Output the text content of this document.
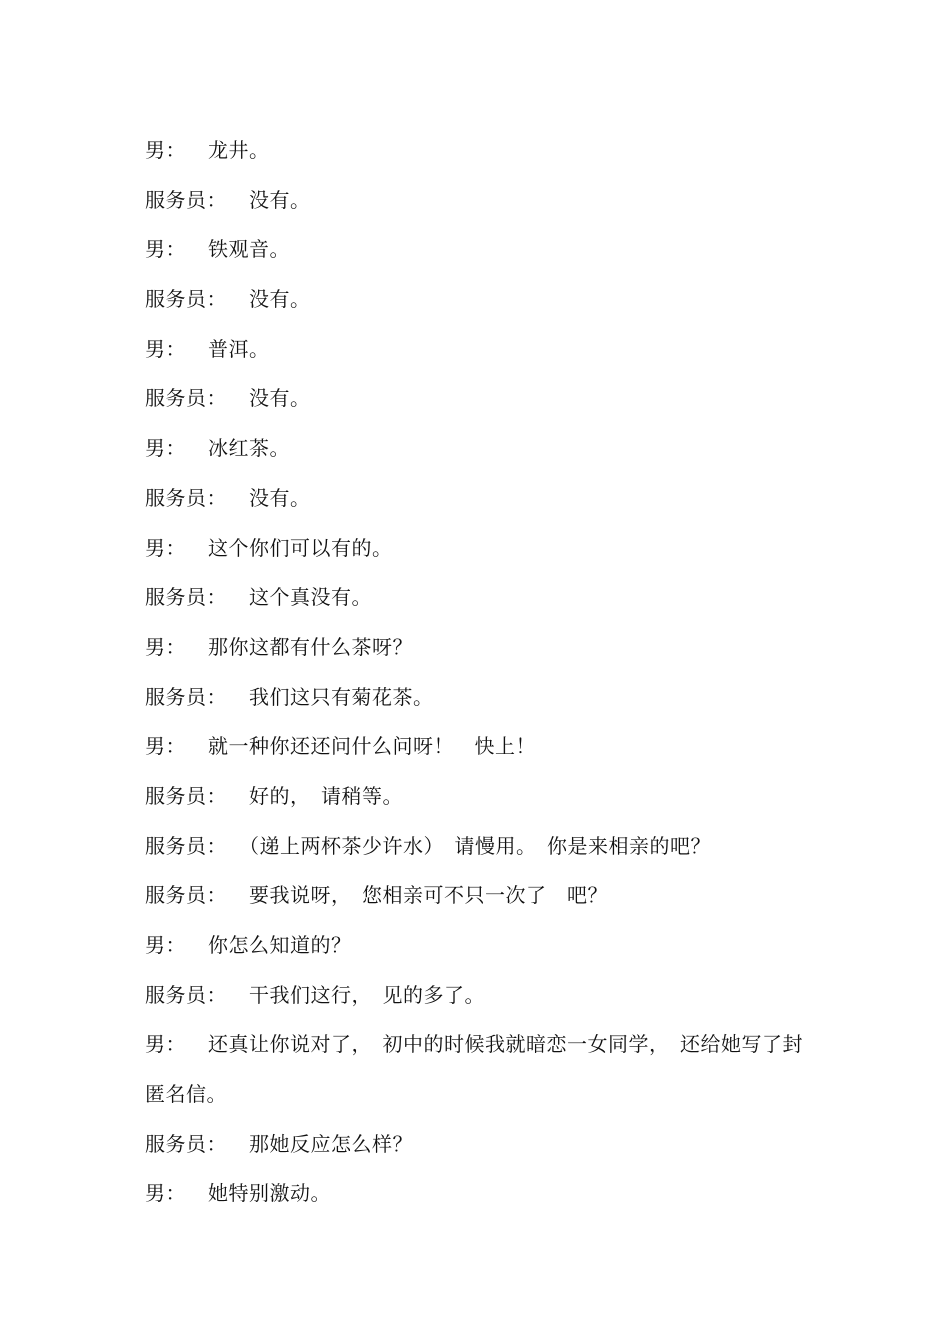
男： 龙井。
服务员： 没有。
男： 铁观音。
服务员： 没有。
男： 普洱。
服务员： 没有。
男： 冰红茶。
服务员： 没有。
男： 这个你们可以有的。
服务员： 这个真没有。
男： 那你这都有什么茶呀？
服务员： 我们这只有菊花茶。
男： 就一种你还还问什么问呀！　快上！
服务员： 好的，　请稍等。
服务员： （递上两杯茶少许水）　请慢用。　你是来相亲的吧？
服务员： 要我说呀，　您相亲可不只一次了　吧？
男： 你怎么知道的？
服务员： 干我们这行，　见的多了。
男： 还真让你说对了，　初中的时候我就暗恋一女同学，　还给她写了封匿名信。
服务员： 那她反应怎么样？
男： 她特别激动。
